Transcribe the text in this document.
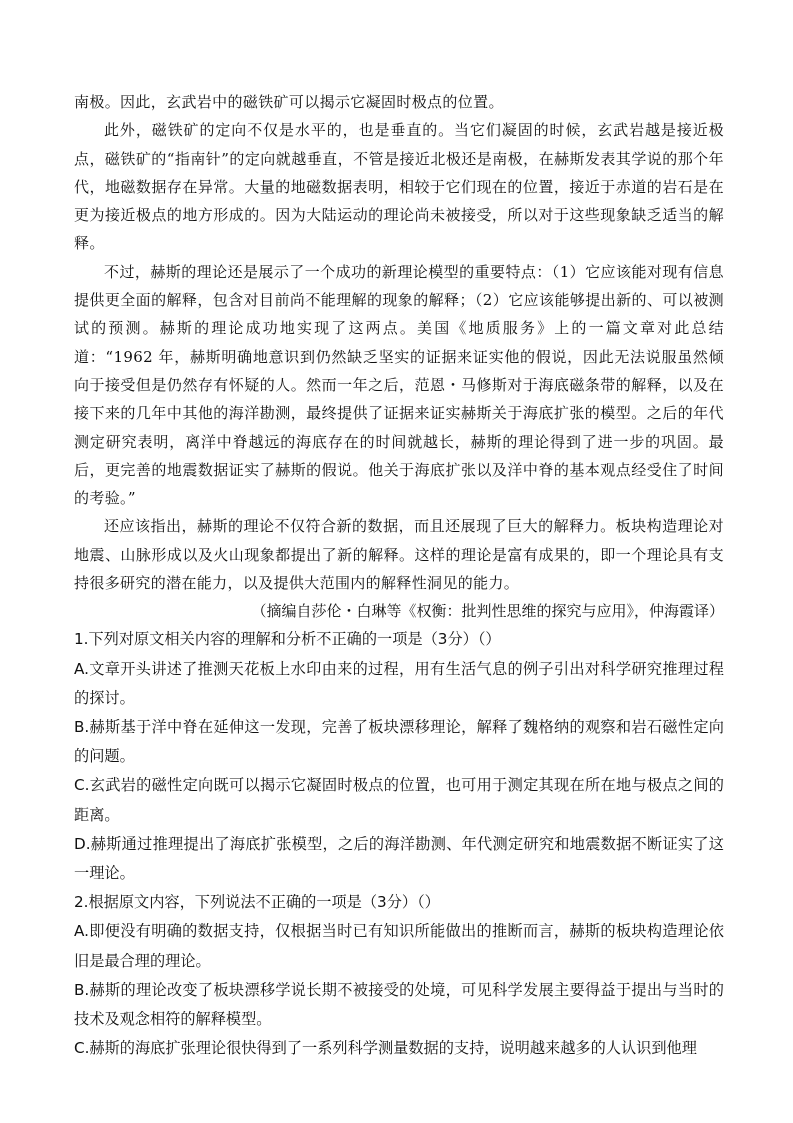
南极。因此，玄武岩中的磁铁矿可以揭示它凝固时极点的位置。

此外，磁铁矿的定向不仅是水平的，也是垂直的。当它们凝固的时候，玄武岩越是接近极点，磁铁矿的“指南针”的定向就越垂直，不管是接近北极还是南极，在赫斯发表其学说的那个年代，地磁数据存在异常。大量的地磁数据表明，相较于它们现在的位置，接近于赤道的岩石是在更为接近极点的地方形成的。因为大陆运动的理论尚未被接受，所以对于这些现象缺乏适当的解释。

不过，赫斯的理论还是展示了一个成功的新理论模型的重要特点：（1）它应该能对现有信息提供更全面的解释，包含对目前尚不能理解的现象的解释；（2）它应该能够提出新的、可以被测试的预测。赫斯的理论成功地实现了这两点。美国《地质服务》上的一篇文章对此总结道：“1962 年，赫斯明确地意识到仍然缺乏坚实的证据来证实他的假说，因此无法说服虽然倾向于接受但是仍然存有怀疑的人。然而一年之后，范恩・马修斯对于海底磁条带的解释，以及在接下来的几年中其他的海洋勘测，最终提供了证据来证实赫斯关于海底扩张的模型。之后的年代测定研究表明，离洋中脊越远的海底存在的时间就越长，赫斯的理论得到了进一步的巩固。最后，更完善的地震数据证实了赫斯的假说。他关于海底扩张以及洋中脊的基本观点经受住了时间的考验。”

还应该指出，赫斯的理论不仅符合新的数据，而且还展现了巨大的解释力。板块构造理论对地震、山脉形成以及火山现象都提出了新的解释。这样的理论是富有成果的，即一个理论具有支持很多研究的潜在能力，以及提供大范围内的解释性洞见的能力。

（摘编自莎伦・白琳等《权衡：批判性思维的探究与应用》，仲海霞译）

1.下列对原文相关内容的理解和分析不正确的一项是（3分）（）

A.文章开头讲述了推测天花板上水印由来的过程，用有生活气息的例子引出对科学研究推理过程的探讨。

B.赫斯基于洋中脊在延伸这一发现，完善了板块漂移理论，解释了魏格纳的观察和岩石磁性定向的问题。

C.玄武岩的磁性定向既可以揭示它凝固时极点的位置，也可用于测定其现在所在地与极点之间的距离。

D.赫斯通过推理提出了海底扩张模型，之后的海洋勘测、年代测定研究和地震数据不断证实了这一理论。

2.根据原文内容，下列说法不正确的一项是（3分）（）

A.即便没有明确的数据支持，仅根据当时已有知识所能做出的推断而言，赫斯的板块构造理论依旧是最合理的理论。

B.赫斯的理论改变了板块漂移学说长期不被接受的处境，可见科学发展主要得益于提出与当时的技术及观念相符的解释模型。

C.赫斯的海底扩张理论很快得到了一系列科学测量数据的支持，说明越来越多的人认识到他理
